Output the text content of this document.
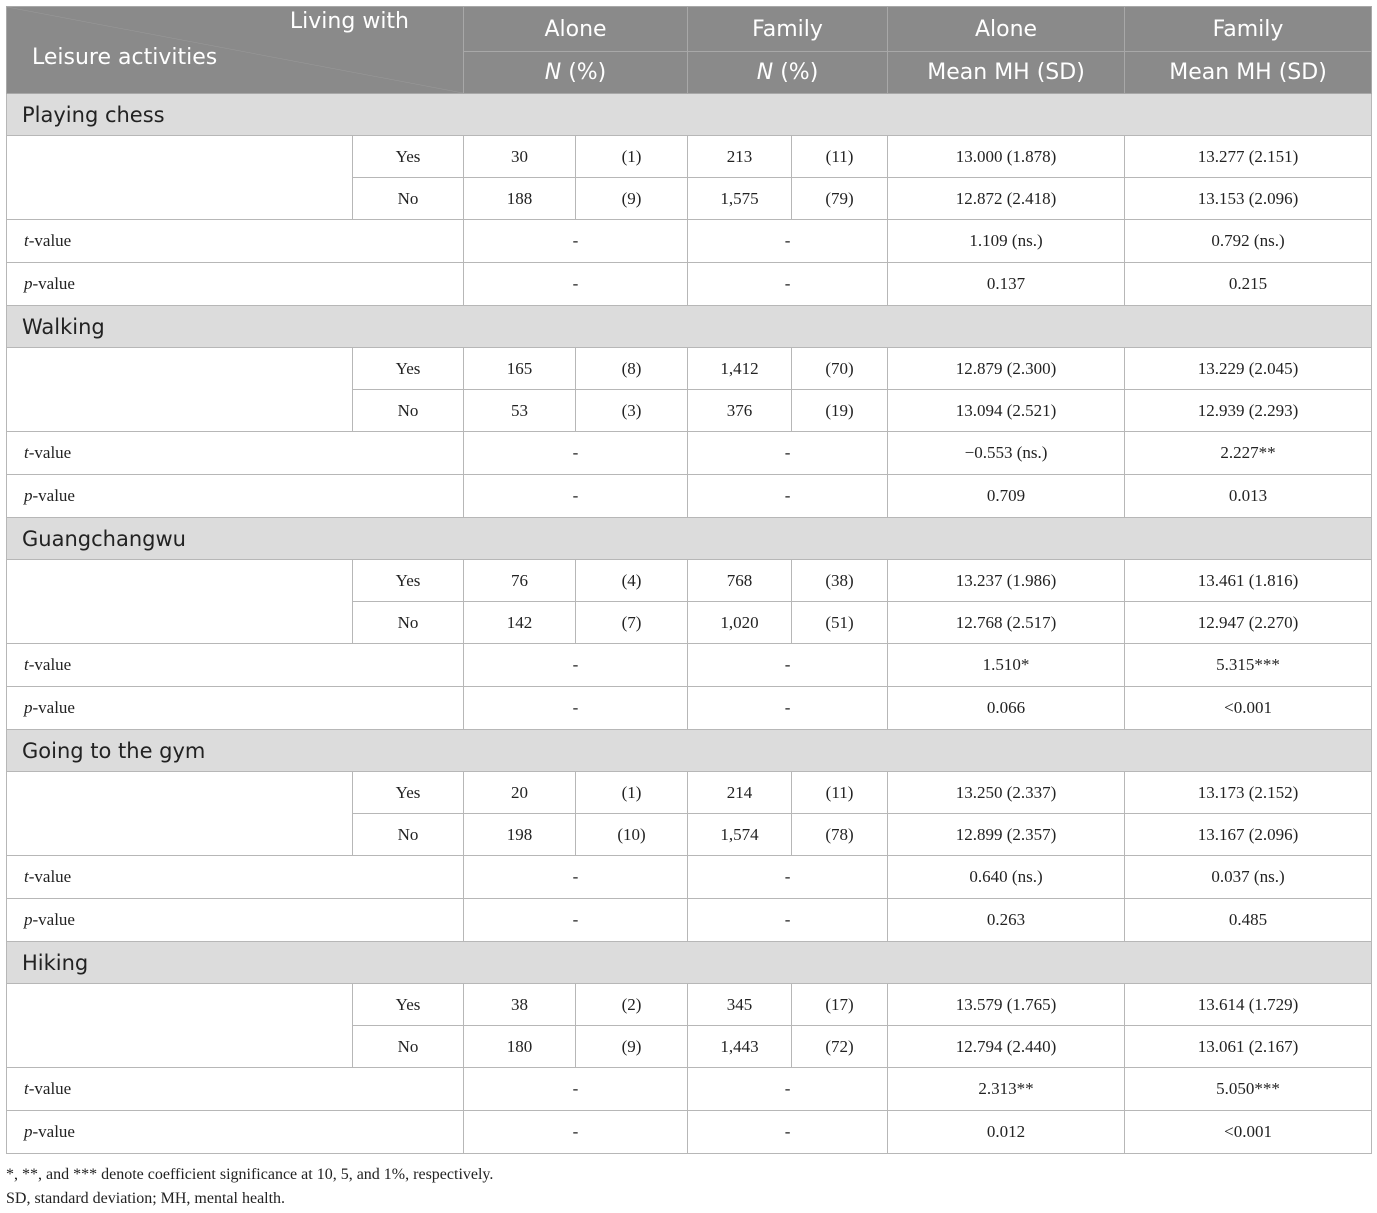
Living with
Leisure activities		Alone		Family		Alone	Family
		N (%)		N (%)		Mean MH (SD)	Mean MH (SD)
Playing chess							
	Yes	30	(1)	213	(11)	13.000 (1.878)	13.277 (2.151)
	No	188	(9)	1,575	(79)	12.872 (2.418)	13.153 (2.096)
t-value		-		-		1.109 (ns.)	0.792 (ns.)
p-value		-		-		0.137	0.215
Walking							
	Yes	165	(8)	1,412	(70)	12.879 (2.300)	13.229 (2.045)
	No	53	(3)	376	(19)	13.094 (2.521)	12.939 (2.293)
t-value		-		-		−0.553 (ns.)	2.227**
p-value		-		-		0.709	0.013
Guangchangwu							
	Yes	76	(4)	768	(38)	13.237 (1.986)	13.461 (1.816)
	No	142	(7)	1,020	(51)	12.768 (2.517)	12.947 (2.270)
t-value		-		-		1.510*	5.315***
p-value		-		-		0.066	<0.001
Going to the gym							
	Yes	20	(1)	214	(11)	13.250 (2.337)	13.173 (2.152)
	No	198	(10)	1,574	(78)	12.899 (2.357)	13.167 (2.096)
t-value		-		-		0.640 (ns.)	0.037 (ns.)
p-value		-		-		0.263	0.485
Hiking							
	Yes	38	(2)	345	(17)	13.579 (1.765)	13.614 (1.729)
	No	180	(9)	1,443	(72)	12.794 (2.440)	13.061 (2.167)
t-value		-		-		2.313**	5.050***
p-value		-		-		0.012	<0.001
*, **, and *** denote coefficient significance at 10, 5, and 1%, respectively.
SD, standard deviation; MH, mental health.
